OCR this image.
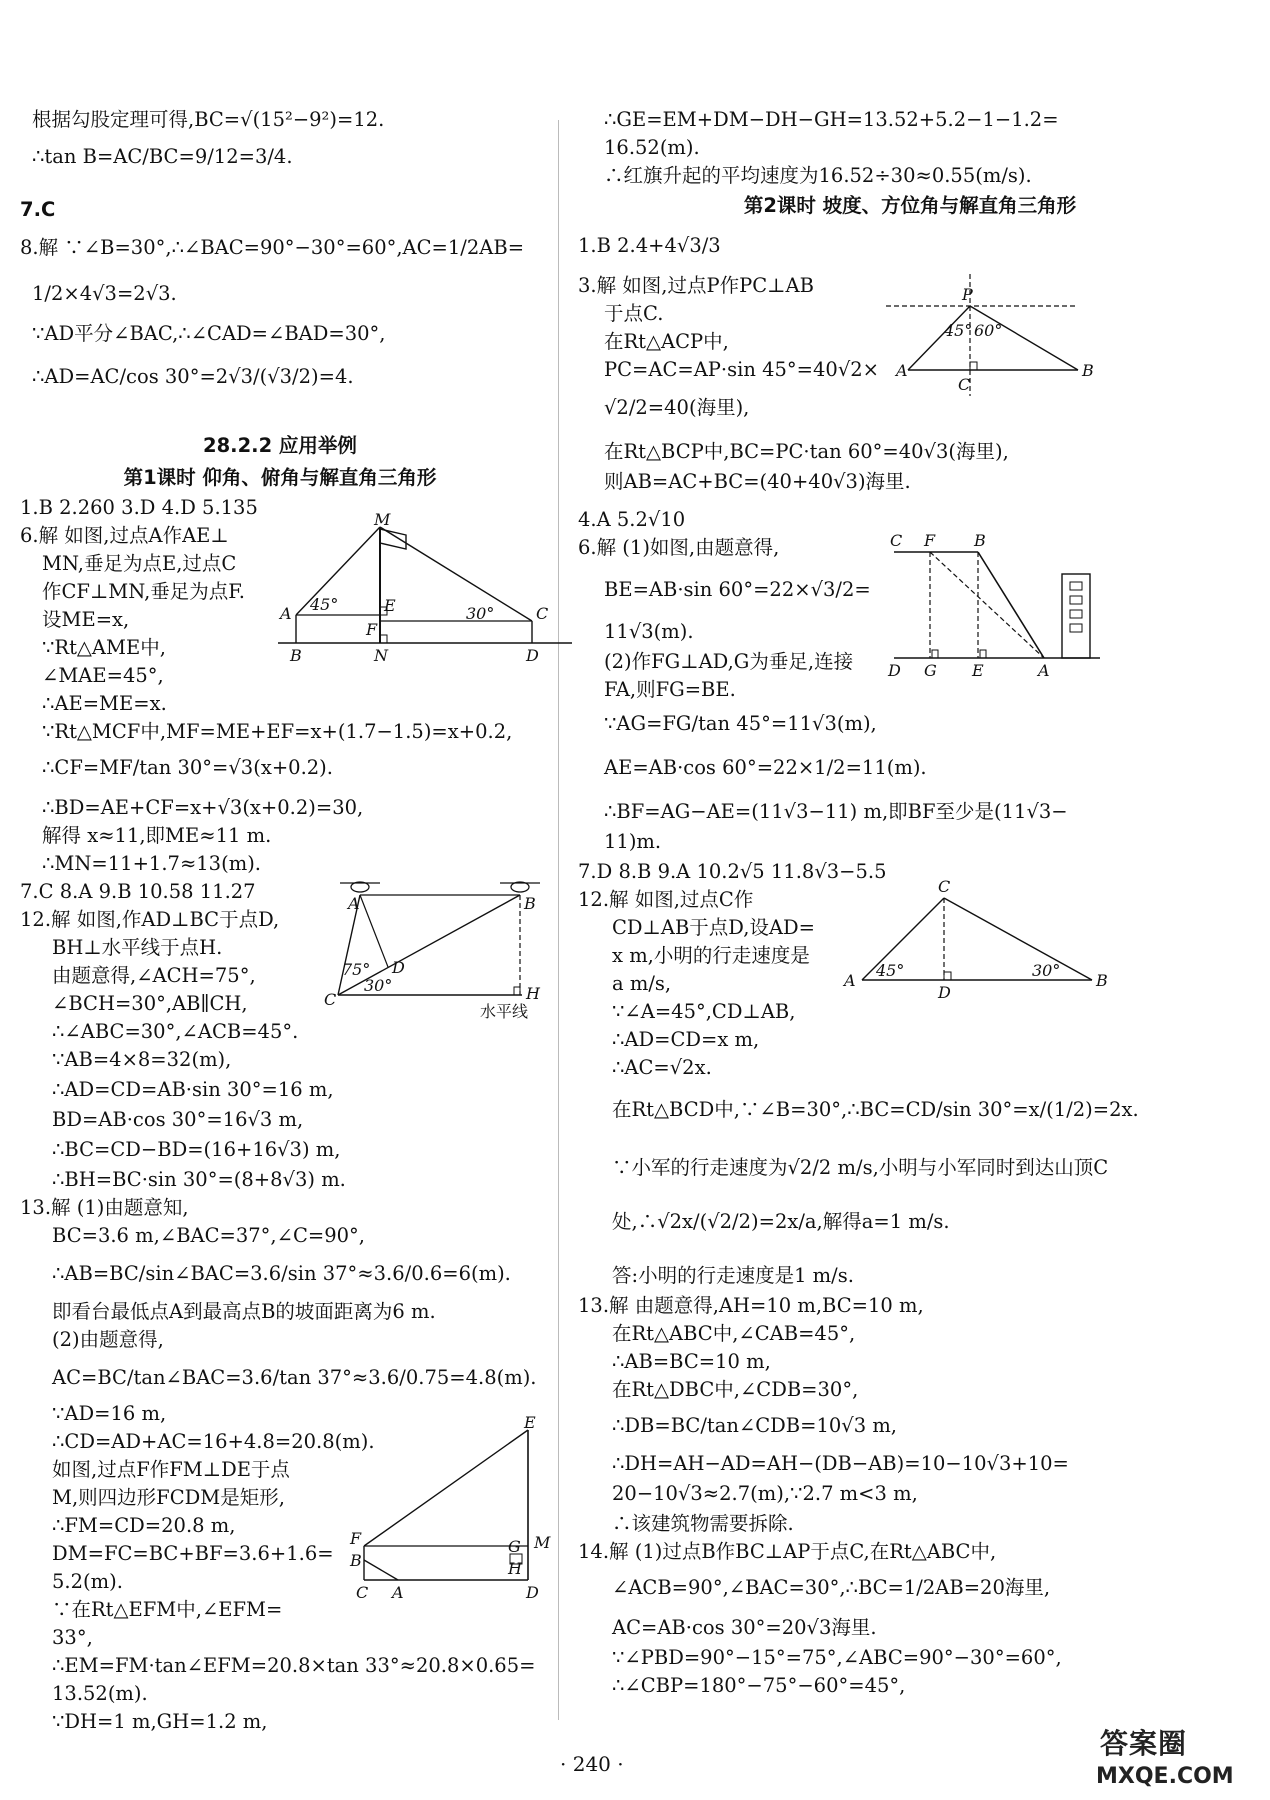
根据勾股定理可得,BC=√(15²−9²)=12.
∴tan B=AC/BC=9/12=3/4.
7.C
8.解 ∵∠B=30°,∴∠BAC=90°−30°=60°,AC=1/2AB=
1/2×4√3=2√3.
∵AD平分∠BAC,∴∠CAD=∠BAD=30°,
∴AD=AC/cos 30°=2√3/(√3/2)=4.
28.2.2 应用举例
第1课时 仰角、俯角与解直角三角形
1.B 2.260 3.D 4.D 5.135
6.解 如图,过点A作AE⊥
MN,垂足为点E,过点C
作CF⊥MN,垂足为点F.
设ME=x,
∵Rt△AME中,
∠MAE=45°,
∴AE=ME=x.
∵Rt△MCF中,MF=ME+EF=x+(1.7−1.5)=x+0.2,
∴CF=MF/tan 30°=√3(x+0.2).
∴BD=AE+CF=x+√3(x+0.2)=30,
解得 x≈11,即ME≈11 m.
∴MN=11+1.7≈13(m).
7.C 8.A 9.B 10.58 11.27
12.解 如图,作AD⊥BC于点D,
BH⊥水平线于点H.
由题意得,∠ACH=75°,
∠BCH=30°,AB∥CH,
∴∠ABC=30°,∠ACB=45°.
∵AB=4×8=32(m),
∴AD=CD=AB·sin 30°=16 m,
BD=AB·cos 30°=16√3 m,
∴BC=CD−BD=(16+16√3) m,
∴BH=BC·sin 30°=(8+8√3) m.
13.解 (1)由题意知,
BC=3.6 m,∠BAC=37°,∠C=90°,
∴AB=BC/sin∠BAC=3.6/sin 37°≈3.6/0.6=6(m).
即看台最低点A到最高点B的坡面距离为6 m.
(2)由题意得,
AC=BC/tan∠BAC=3.6/tan 37°≈3.6/0.75=4.8(m).
∵AD=16 m,
∴CD=AD+AC=16+4.8=20.8(m).
如图,过点F作FM⊥DE于点
M,则四边形FCDM是矩形,
∴FM=CD=20.8 m,
DM=FC=BC+BF=3.6+1.6=
5.2(m).
∵在Rt△EFM中,∠EFM=
33°,
∴EM=FM·tan∠EFM=20.8×tan 33°≈20.8×0.65=
13.52(m).
∵DH=1 m,GH=1.2 m,
∴GE=EM+DM−DH−GH=13.52+5.2−1−1.2=
16.52(m).
∴红旗升起的平均速度为16.52÷30≈0.55(m/s).
第2课时 坡度、方位角与解直角三角形
1.B 2.4+4√3/3
3.解 如图,过点P作PC⊥AB
于点C.
在Rt△ACP中,
PC=AC=AP·sin 45°=40√2×
√2/2=40(海里),
在Rt△BCP中,BC=PC·tan 60°=40√3(海里),
则AB=AC+BC=(40+40√3)海里.
4.A 5.2√10
6.解 (1)如图,由题意得,
BE=AB·sin 60°=22×√3/2=
11√3(m).
(2)作FG⊥AD,G为垂足,连接
FA,则FG=BE.
∵AG=FG/tan 45°=11√3(m),
AE=AB·cos 60°=22×1/2=11(m).
∴BF=AG−AE=(11√3−11) m,即BF至少是(11√3−
11)m.
7.D 8.B 9.A 10.2√5 11.8√3−5.5
12.解 如图,过点C作
CD⊥AB于点D,设AD=
x m,小明的行走速度是
a m/s,
∵∠A=45°,CD⊥AB,
∴AD=CD=x m,
∴AC=√2x.
在Rt△BCD中,∵∠B=30°,∴BC=CD/sin 30°=x/(1/2)=2x.
∵小军的行走速度为√2/2 m/s,小明与小军同时到达山顶C
处,∴√2x/(√2/2)=2x/a,解得a=1 m/s.
答:小明的行走速度是1 m/s.
13.解 由题意得,AH=10 m,BC=10 m,
在Rt△ABC中,∠CAB=45°,
∴AB=BC=10 m,
在Rt△DBC中,∠CDB=30°,
∴DB=BC/tan∠CDB=10√3 m,
∴DH=AH−AD=AH−(DB−AB)=10−10√3+10=
20−10√3≈2.7(m),∵2.7 m<3 m,
∴该建筑物需要拆除.
14.解 (1)过点B作BC⊥AP于点C,在Rt△ABC中,
∠ACB=90°,∠BAC=30°,∴BC=1/2AB=20海里,
AC=AB·cos 30°=20√3海里.
∵∠PBD=90°−15°=75°,∠ABC=90°−30°=60°,
∴∠CBP=180°−75°−60°=45°,
M
A 45°	E	30°	C
F
B	N	D
A	B
75° D
30°
C	H
水平线
E
F
B
G M
H
C A	D
P
45° 60°
A
C
B
C F B
D G E	A
C
A
45°	30°
B
D
· 240 ·
答案圈
MXQE.COM
